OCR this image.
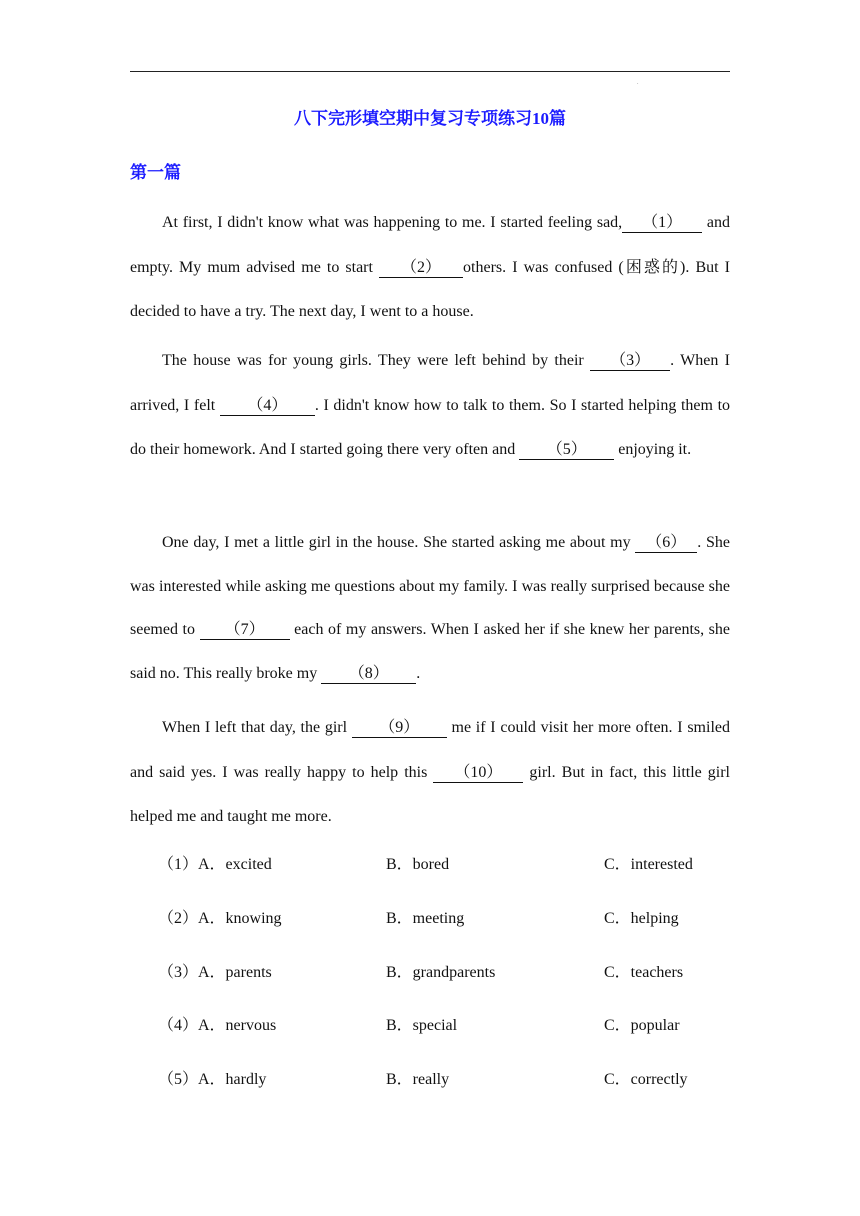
.
八下完形填空期中复习专项练习10篇
第一篇

At first, I didn't know what was happening to me. I started feeling sad, （1） and empty. My mum advised me to start （2） others. I was confused (困惑的). But I decided to have a try. The next day, I went to a house.

The house was for young girls. They were left behind by their （3） . When I arrived, I felt （4） . I didn't know how to talk to them. So I started helping them to do their homework. And I started going there very often and （5） enjoying it.

One day, I met a little girl in the house. She started asking me about my （6） . She was interested while asking me questions about my family. I was really surprised because she seemed to （7） each of my answers. When I asked her if she knew her parents, she said no. This really broke my （8） .

When I left that day, the girl （9） me if I could visit her more often. I smiled and said yes. I was really happy to help this （10） girl. But in fact, this little girl helped me and taught me more.

（1）A．excited	B．bored	C．interested
（2）A．knowing	B．meeting	C．helping
（3）A．parents	B．grandparents	C．teachers
（4）A．nervous	B．special	C．popular
（5）A．hardly	B．really	C．correctly
